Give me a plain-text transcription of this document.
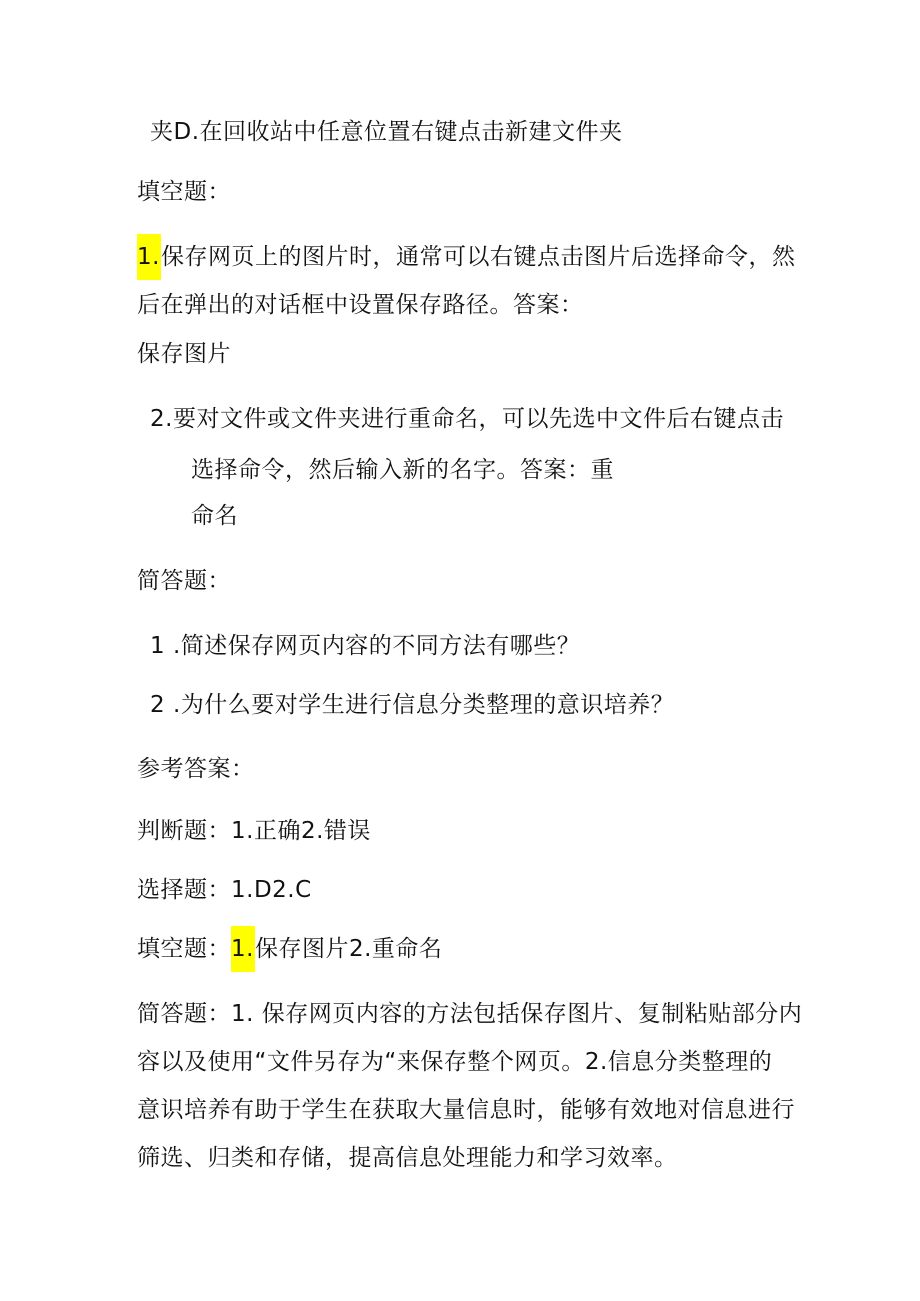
夹D.在回收站中任意位置右键点击新建文件夹
填空题：
1.保存网页上的图片时，通常可以右键点击图片后选择命令，然
后在弹出的对话框中设置保存路径。答案：
保存图片
2.要对文件或文件夹进行重命名，可以先选中文件后右键点击
选择命令，然后输入新的名字。答案：重
命名
简答题：
1 .简述保存网页内容的不同方法有哪些？
2 .为什么要对学生进行信息分类整理的意识培养？
参考答案：
判断题：1.正确2.错误
选择题：1.D2.C
填空题：1.保存图片2.重命名
简答题：1. 保存网页内容的方法包括保存图片、复制粘贴部分内
容以及使用“文件另存为“来保存整个网页。2.信息分类整理的
意识培养有助于学生在获取大量信息时，能够有效地对信息进行
筛选、归类和存储，提高信息处理能力和学习效率。
